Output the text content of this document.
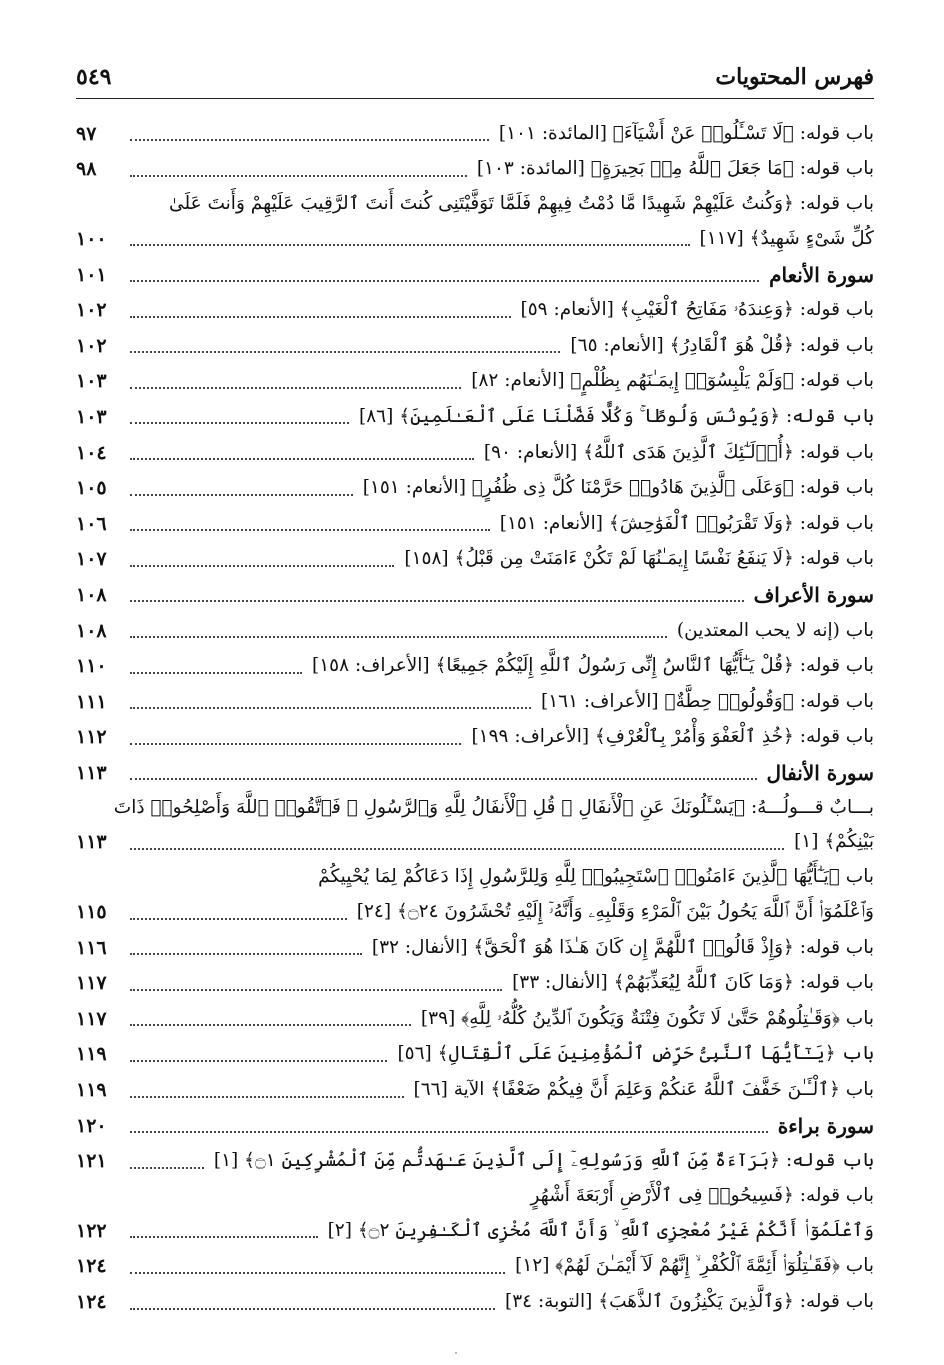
فهرس المحتويات
٥٤٩
باب قوله: ﴿لَا تَسْـَٔلُوا۟ عَنْ أَشْيَآءَ﴾ [المائدة: ١٠١]
٩٧
باب قوله: ﴿مَا جَعَلَ ٱللَّهُ مِنۢ بَحِيرَةٍ﴾ [المائدة: ١٠٣]
٩٨
باب قوله: ﴿وَكُنتُ عَلَيْهِمْ شَهِيدًا مَّا دُمْتُ فِيهِمْ فَلَمَّا تَوَفَّيْتَنِى كُنتَ أَنتَ ٱلرَّقِيبَ عَلَيْهِمْ وَأَنتَ عَلَىٰ
كُلِّ شَىْءٍ شَهِيدٌ﴾ [١١٧]
١٠٠
سورة الأنعام
١٠١
باب قوله: ﴿وَعِندَهُۥ مَفَاتِحُ ٱلْغَيْبِ﴾ [الأنعام: ٥٩]
١٠٢
باب قوله: ﴿قُلْ هُوَ ٱلْقَادِرُ﴾ [الأنعام: ٦٥]
١٠٢
باب قوله: ﴿وَلَمْ يَلْبِسُوٓا۟ إِيمَـٰنَهُم بِظُلْمٍ﴾ [الأنعام: ٨٢]
١٠٣
باب قوله: ﴿وَيُونُسَ وَلُوطًا ۚ وَكُلًّا فَضَّلْنَا عَلَى ٱلْعَـٰلَمِينَ﴾ [٨٦]
١٠٣
باب قوله: ﴿أُو۟لَـٰٓئِكَ ٱلَّذِينَ هَدَى ٱللَّهُ﴾ [الأنعام: ٩٠]
١٠٤
باب قوله: ﴿وَعَلَى ٱلَّذِينَ هَادُوا۟ حَرَّمْنَا كُلَّ ذِى ظُفُرٍ﴾ [الأنعام: ١٥١]
١٠٥
باب قوله: ﴿وَلَا تَقْرَبُوا۟ ٱلْفَوَٰحِشَ﴾ [الأنعام: ١٥١]
١٠٦
باب قوله: ﴿لَا يَنفَعُ نَفْسًا إِيمَـٰنُهَا لَمْ تَكُنْ ءَامَنَتْ مِن قَبْلُ﴾ [١٥٨]
١٠٧
سورة الأعراف
١٠٨
باب (إنه لا يحب المعتدين)
١٠٨
باب قوله: ﴿قُلْ يَـٰٓأَيُّهَا ٱلنَّاسُ إِنِّى رَسُولُ ٱللَّهِ إِلَيْكُمْ جَمِيعًا﴾ [الأعراف: ١٥٨]
١١٠
باب قوله: ﴿وَقُولُوا۟ حِطَّةٌ﴾ [الأعراف: ١٦١]
١١١
باب قوله: ﴿خُذِ ٱلْعَفْوَ وَأْمُرْ بِٱلْعُرْفِ﴾ [الأعراف: ١٩٩]
١١٢
سورة الأنفال
١١٣
بـــابٌ قـــولُـــهُ: ﴿يَسْـَٔلُونَكَ عَنِ ٱلْأَنفَالِ ۖ قُلِ ٱلْأَنفَالُ لِلَّهِ وَٱلرَّسُولِ ۖ فَٱتَّقُوا۟ ٱللَّهَ وَأَصْلِحُوا۟ ذَاتَ
بَيْنِكُمْ﴾ [١]
١١٣
باب ﴿يَـٰٓأَيُّهَا ٱلَّذِينَ ءَامَنُوا۟ ٱسْتَجِيبُوا۟ لِلَّهِ وَلِلرَّسُولِ إِذَا دَعَاكُمْ لِمَا يُحْيِيكُمْ
وَٱعْلَمُوٓا۟ أَنَّ ٱللَّهَ يَحُولُ بَيْنَ ٱلْمَرْءِ وَقَلْبِهِۦ وَأَنَّهُۥٓ إِلَيْهِ تُحْشَرُونَ ۝٢٤﴾ [٢٤]
١١٥
باب قوله: ﴿وَإِذْ قَالُوا۟ ٱللَّهُمَّ إِن كَانَ هَـٰذَا هُوَ ٱلْحَقَّ﴾ [الأنفال: ٣٢]
١١٦
باب قوله: ﴿وَمَا كَانَ ٱللَّهُ لِيُعَذِّبَهُمْ﴾ [الأنفال: ٣٣]
١١٧
باب ﴿وَقَـٰتِلُوهُمْ حَتَّىٰ لَا تَكُونَ فِتْنَةٌ وَيَكُونَ ٱلدِّينُ كُلُّهُۥ لِلَّهِ﴾ [٣٩]
١١٧
باب ﴿يَـٰٓأَيُّهَا ٱلنَّبِىُّ حَرِّضِ ٱلْمُؤْمِنِينَ عَلَى ٱلْقِتَالِ﴾ [٥٦]
١١٩
باب ﴿ٱلْـَٔـٰنَ خَفَّفَ ٱللَّهُ عَنكُمْ وَعَلِمَ أَنَّ فِيكُمْ ضَعْفًا﴾ الآية [٦٦]
١١٩
سورة براءة
١٢٠
باب قوله: ﴿بَرَآءَةٌ مِّنَ ٱللَّهِ وَرَسُولِهِۦٓ إِلَى ٱلَّذِينَ عَـٰهَدتُّم مِّنَ ٱلْمُشْرِكِينَ ۝١﴾ [١]
١٢١
باب قوله: ﴿فَسِيحُوا۟ فِى ٱلْأَرْضِ أَرْبَعَةَ أَشْهُرٍ
وَٱعْلَمُوٓا۟ أَنَّكُمْ غَيْرُ مُعْجِزِى ٱللَّهِ ۙ وَأَنَّ ٱللَّهَ مُخْزِى ٱلْكَـٰفِرِينَ ۝٢﴾ [٢]
١٢٢
باب ﴿فَقَـٰتِلُوٓا۟ أَئِمَّةَ ٱلْكُفْرِ ۙ إِنَّهُمْ لَآ أَيْمَـٰنَ لَهُمْ﴾ [١٢]
١٢٤
باب قوله: ﴿وَٱلَّذِينَ يَكْنِزُونَ ٱلذَّهَبَ﴾ [التوبة: ٣٤]
١٢٤
